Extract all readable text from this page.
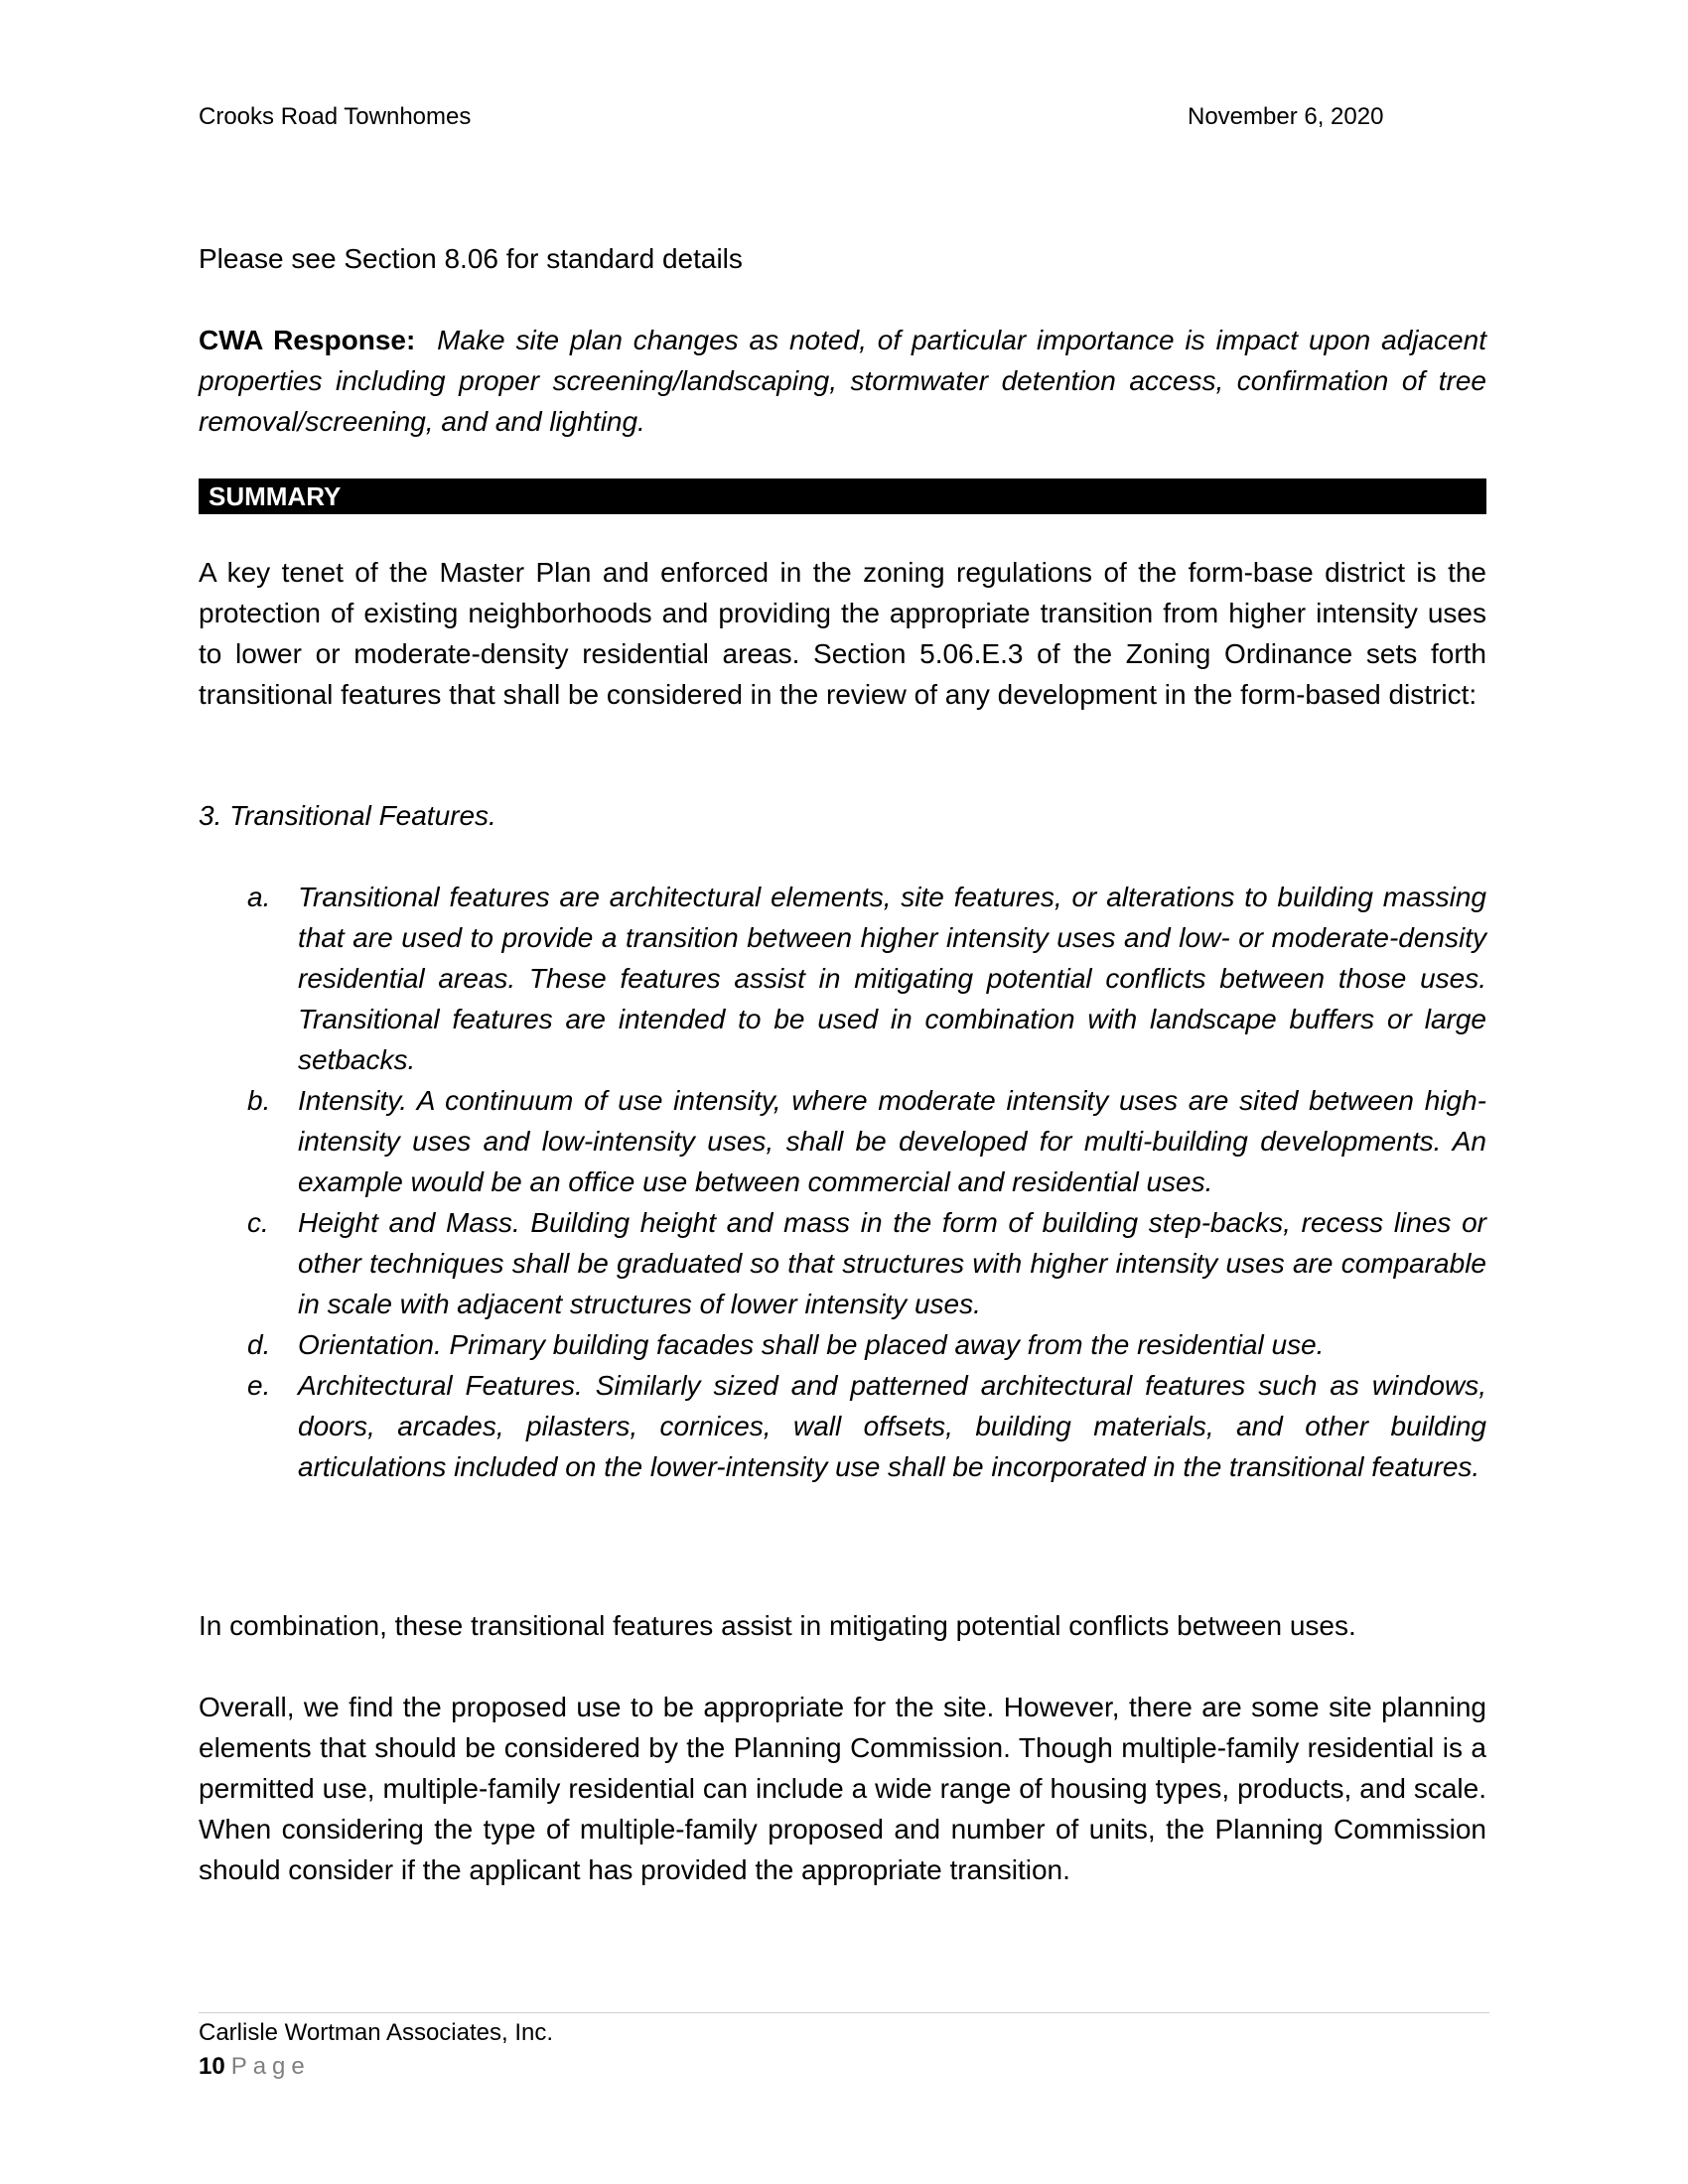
Crooks Road Townhomes	November 6, 2020
Please see Section 8.06 for standard details
CWA Response: Make site plan changes as noted, of particular importance is impact upon adjacent properties including proper screening/landscaping, stormwater detention access, confirmation of tree removal/screening, and and lighting.
SUMMARY
A key tenet of the Master Plan and enforced in the zoning regulations of the form-base district is the protection of existing neighborhoods and providing the appropriate transition from higher intensity uses to lower or moderate-density residential areas. Section 5.06.E.3 of the Zoning Ordinance sets forth transitional features that shall be considered in the review of any development in the form-based district:
3. Transitional Features.
a. Transitional features are architectural elements, site features, or alterations to building massing that are used to provide a transition between higher intensity uses and low- or moderate-density residential areas. These features assist in mitigating potential conflicts between those uses. Transitional features are intended to be used in combination with landscape buffers or large setbacks.
b. Intensity. A continuum of use intensity, where moderate intensity uses are sited between high-intensity uses and low-intensity uses, shall be developed for multi-building developments. An example would be an office use between commercial and residential uses.
c. Height and Mass. Building height and mass in the form of building step-backs, recess lines or other techniques shall be graduated so that structures with higher intensity uses are comparable in scale with adjacent structures of lower intensity uses.
d. Orientation. Primary building facades shall be placed away from the residential use.
e. Architectural Features. Similarly sized and patterned architectural features such as windows, doors, arcades, pilasters, cornices, wall offsets, building materials, and other building articulations included on the lower-intensity use shall be incorporated in the transitional features.
In combination, these transitional features assist in mitigating potential conflicts between uses.
Overall, we find the proposed use to be appropriate for the site. However, there are some site planning elements that should be considered by the Planning Commission. Though multiple-family residential is a permitted use, multiple-family residential can include a wide range of housing types, products, and scale. When considering the type of multiple-family proposed and number of units, the Planning Commission should consider if the applicant has provided the appropriate transition.
Carlisle Wortman Associates, Inc.
10 Page
